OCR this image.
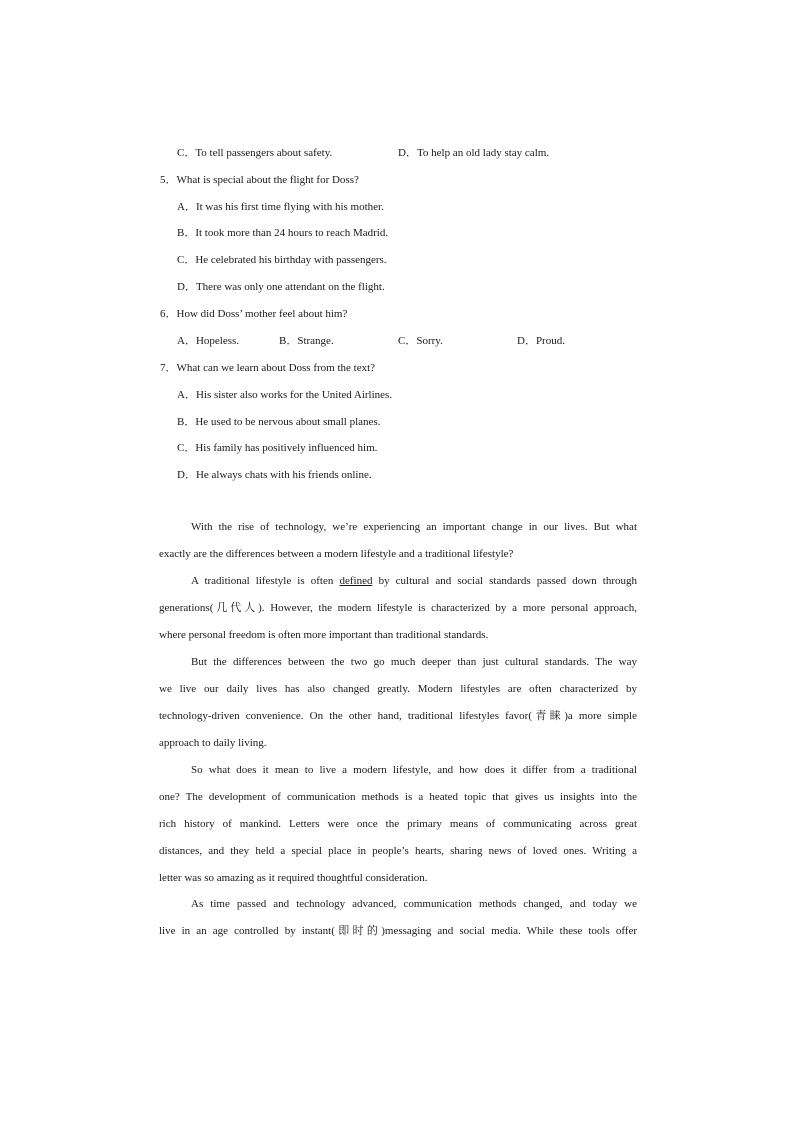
C．To tell passengers about safety.	D．To help an old lady stay calm.
5．What is special about the flight for Doss?
A．It was his first time flying with his mother.
B．It took more than 24 hours to reach Madrid.
C．He celebrated his birthday with passengers.
D．There was only one attendant on the flight.
6．How did Doss’ mother feel about him?
A．Hopeless.	B．Strange.	C．Sorry.	D．Proud.
7．What can we learn about Doss from the text?
A．His sister also works for the United Airlines.
B．He used to be nervous about small planes.
C．His family has positively influenced him.
D．He always chats with his friends online.
With the rise of technology, we’re experiencing an important change in our lives. But what
exactly are the differences between a modern lifestyle and a traditional lifestyle?
A traditional lifestyle is often defined by cultural and social standards passed down through
generations(几代人). However, the modern lifestyle is characterized by a more personal approach,
where personal freedom is often more important than traditional standards.
But the differences between the two go much deeper than just cultural standards. The way
we live our daily lives has also changed greatly. Modern lifestyles are often characterized by
technology-driven convenience. On the other hand, traditional lifestyles favor(青睐)a more simple
approach to daily living.
So what does it mean to live a modern lifestyle, and how does it differ from a traditional
one? The development of communication methods is a heated topic that gives us insights into the
rich history of mankind. Letters were once the primary means of communicating across great
distances, and they held a special place in people’s hearts, sharing news of loved ones. Writing a
letter was so amazing as it required thoughtful consideration.
As time passed and technology advanced, communication methods changed, and today we
live in an age controlled by instant(即时的)messaging and social media. While these tools offer
